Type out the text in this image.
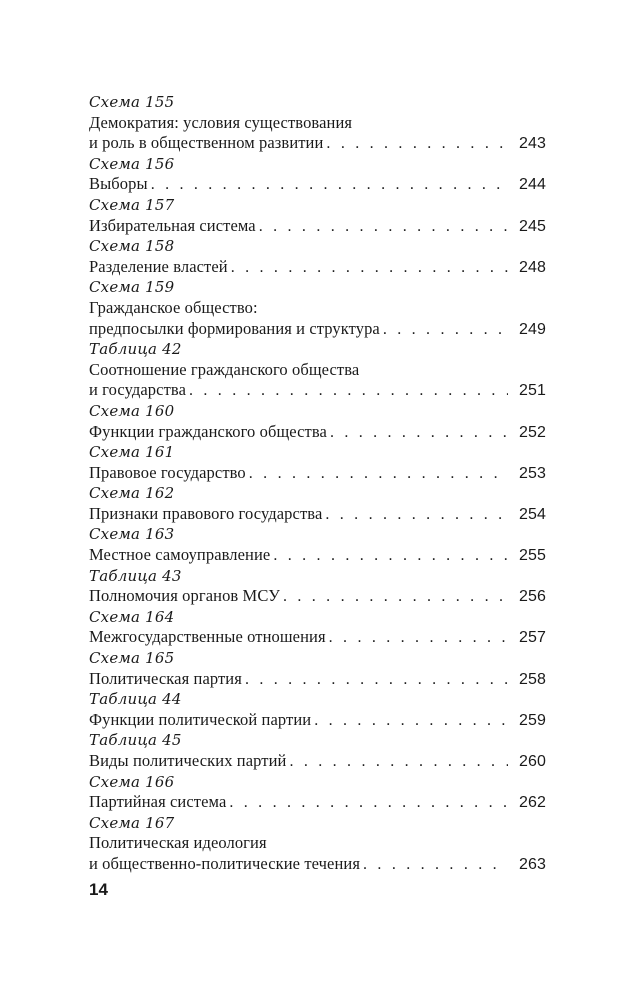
Схема 155
Демократия: условия существования
и роль в общественном развитии . . .	243
Схема 156
Выборы . . .	244
Схема 157
Избирательная система . . .	245
Схема 158
Разделение властей . . .	248
Схема 159
Гражданское общество:
предпосылки формирования и структура . . .	249
Таблица 42
Соотношение гражданского общества
и государства . . .	251
Схема 160
Функции гражданского общества . . .	252
Схема 161
Правовое государство . . .	253
Схема 162
Признаки правового государства . . .	254
Схема 163
Местное самоуправление . . .	255
Таблица 43
Полномочия органов МСУ . . .	256
Схема 164
Межгосударственные отношения . . .	257
Схема 165
Политическая партия . . .	258
Таблица 44
Функции политической партии . . .	259
Таблица 45
Виды политических партий . . .	260
Схема 166
Партийная система . . .	262
Схема 167
Политическая идеология
и общественно-политические течения . . .	263
14
